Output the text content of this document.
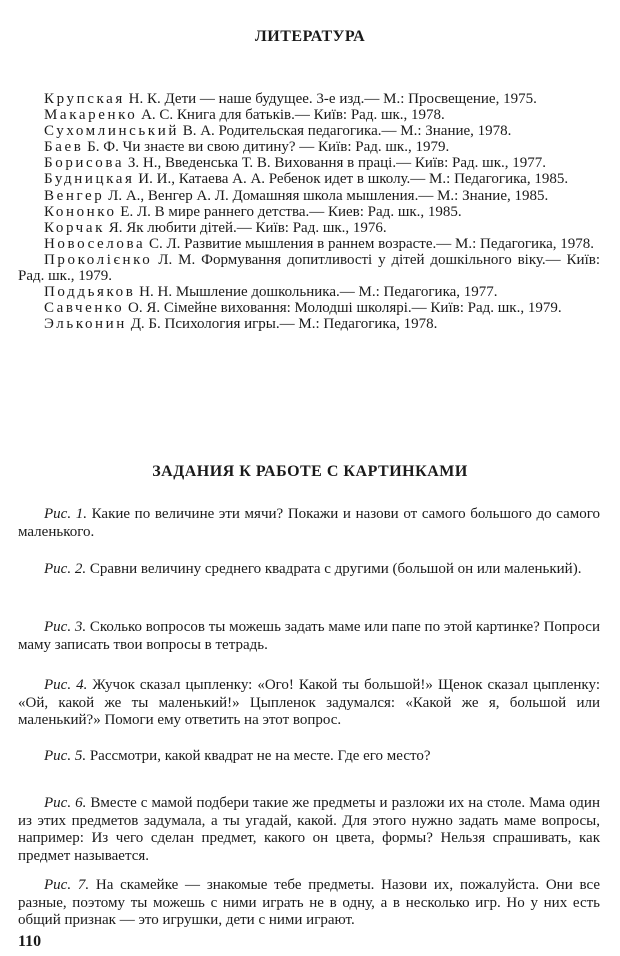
ЛИТЕРАТУРА

Крупская Н. К. Дети — наше будущее. 3-е изд.— М.: Просвещение, 1975.

Макаренко А. С. Книга для батьків.— Київ: Рад. шк., 1978.

Сухомлинський В. А. Родительская педагогика.— М.: Знание, 1978.

Баев Б. Ф. Чи знаєте ви свою дитину? — Київ: Рад. шк., 1979.

Борисова З. Н., Введенська Т. В. Виховання в праці.— Київ: Рад. шк., 1977.

Будницкая И. И., Катаева А. А. Ребенок идет в школу.— М.: Педагогика, 1985.

Венгер Л. А., Венгер А. Л. Домашняя школа мышления.— М.: Знание, 1985.

Кононко Е. Л. В мире раннего детства.— Киев: Рад. шк., 1985.

Корчак Я. Як любити дітей.— Київ: Рад. шк., 1976.

Новоселова С. Л. Развитие мышления в раннем возрасте.— М.: Педагогика, 1978.

Проколієнко Л. М. Формування допитливості у дітей дошкільного віку.— Київ: Рад. шк., 1979.

Поддьяков Н. Н. Мышление дошкольника.— М.: Педагогика, 1977.

Савченко О. Я. Сімейне виховання: Молодші школярі.— Київ: Рад. шк., 1979.

Эльконин Д. Б. Психология игры.— М.: Педагогика, 1978.

ЗАДАНИЯ К РАБОТЕ С КАРТИНКАМИ

Рис. 1. Какие по величине эти мячи? Покажи и назови от самого большого до самого маленького.

Рис. 2. Сравни величину среднего квадрата с другими (большой он или маленький).

Рис. 3. Сколько вопросов ты можешь задать маме или папе по этой картинке? Попроси маму записать твои вопросы в тетрадь.

Рис. 4. Жучок сказал цыпленку: «Ого! Какой ты большой!» Щенок сказал цыпленку: «Ой, какой же ты маленький!» Цыпленок задумался: «Какой же я, большой или маленький?» Помоги ему ответить на этот вопрос.

Рис. 5. Рассмотри, какой квадрат не на месте. Где его место?

Рис. 6. Вместе с мамой подбери такие же предметы и разложи их на столе. Мама один из этих предметов задумала, а ты угадай, какой. Для этого нужно задать маме вопросы, например: Из чего сделан предмет, какого он цвета, формы? Нельзя спрашивать, как предмет называется.

Рис. 7. На скамейке — знакомые тебе предметы. Назови их, пожалуйста. Они все разные, поэтому ты можешь с ними играть не в одну, а в несколько игр. Но у них есть общий признак — это игрушки, дети с ними играют.

110
